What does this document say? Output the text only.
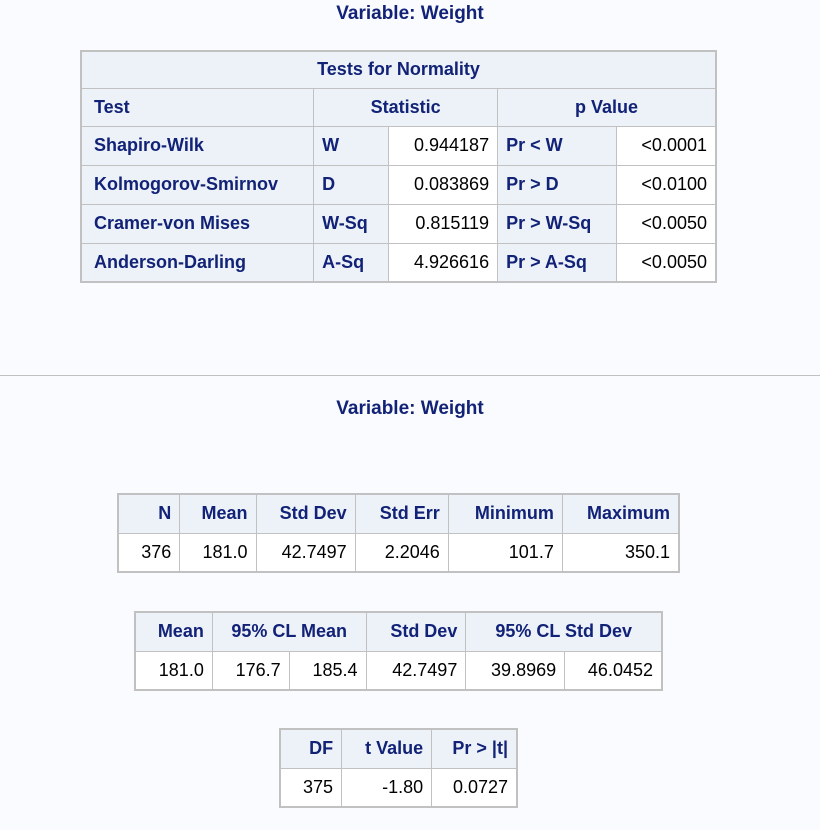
Variable: Weight
Tests for Normality				
Test	Statistic		p Value	
Shapiro-Wilk	W	0.944187	Pr < W	<0.0001
Kolmogorov-Smirnov	D	0.083869	Pr > D	<0.0100
Cramer-von Mises	W-Sq	0.815119	Pr > W-Sq	<0.0050
Anderson-Darling	A-Sq	4.926616	Pr > A-Sq	<0.0050
Variable: Weight
N	Mean	Std Dev	Std Err	Minimum	Maximum
376	181.0	42.7497	2.2046	101.7	350.1
Mean	95% CL Mean		Std Dev	95% CL Std Dev	
181.0	176.7	185.4	42.7497	39.8969	46.0452
DF	t Value	Pr > |t|
375	-1.80	0.0727
